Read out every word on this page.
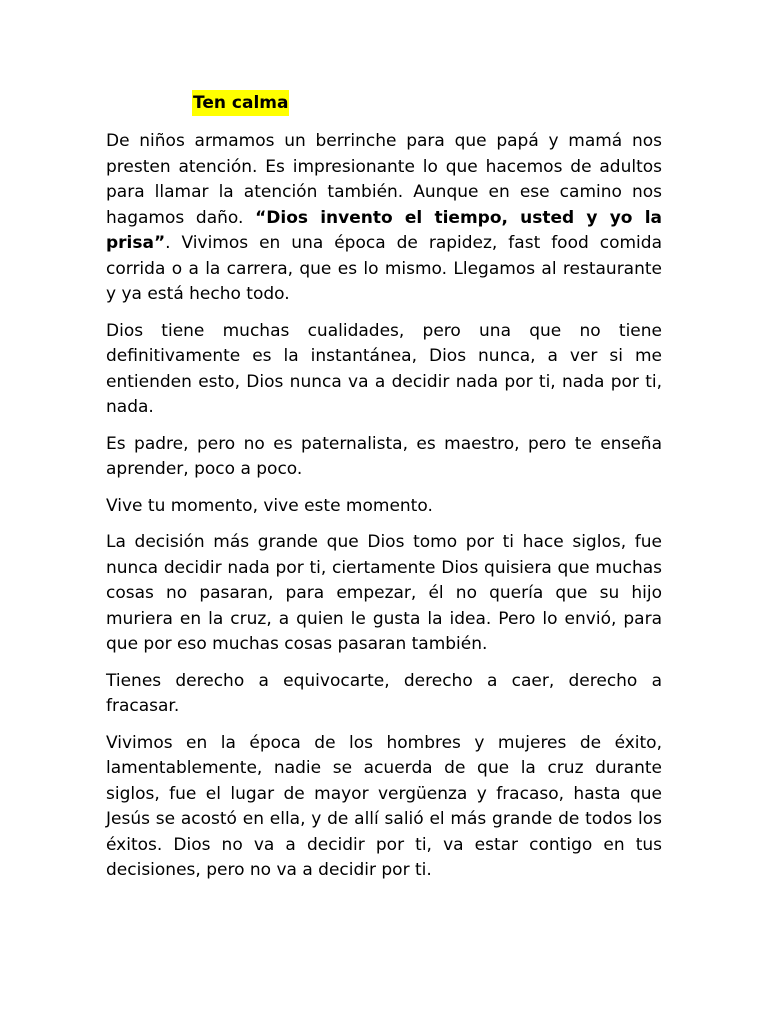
Ten calma

De niños armamos un berrinche para que papá y mamá nos presten atención. Es impresionante lo que hacemos de adultos para llamar la atención también. Aunque en ese camino nos hagamos daño. “Dios invento el tiempo, usted y yo la prisa”. Vivimos en una época de rapidez, fast food comida corrida o a la carrera, que es lo mismo. Llegamos al restaurante y ya está hecho todo.

Dios tiene muchas cualidades, pero una que no tiene definitivamente es la instantánea, Dios nunca, a ver si me entienden esto, Dios nunca va a decidir nada por ti, nada por ti, nada.

Es padre, pero no es paternalista, es maestro, pero te enseña aprender, poco a poco.

Vive tu momento, vive este momento.

La decisión más grande que Dios tomo por ti hace siglos, fue nunca decidir nada por ti, ciertamente Dios quisiera que muchas cosas no pasaran, para empezar, él no quería que su hijo muriera en la cruz, a quien le gusta la idea. Pero lo envió, para que por eso muchas cosas pasaran también.

Tienes derecho a equivocarte, derecho a caer, derecho a fracasar.

Vivimos en la época de los hombres y mujeres de éxito, lamentablemente, nadie se acuerda de que la cruz durante siglos, fue el lugar de mayor vergüenza y fracaso, hasta que Jesús se acostó en ella, y de allí salió el más grande de todos los éxitos. Dios no va a decidir por ti, va estar contigo en tus decisiones, pero no va a decidir por ti.
